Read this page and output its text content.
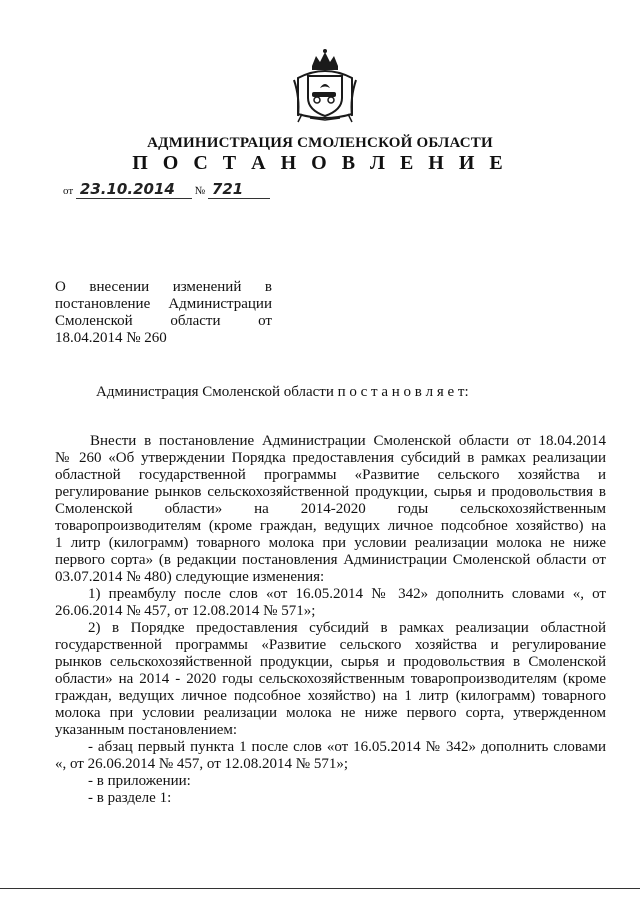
АДМИНИСТРАЦИЯ СМОЛЕНСКОЙ ОБЛАСТИ
П О С Т А Н О В Л Е Н И Е
от 23.10.2014 № 721
О внесении изменений в
постановление Администрации
Смоленской области от
18.04.2014 № 260
Администрация Смоленской области п о с т а н о в л я е т:
Внести в постановление Администрации Смоленской области от 18.04.2014
№ 260 «Об утверждении Порядка предоставления субсидий в рамках реализации
областной государственной программы «Развитие сельского хозяйства и
регулирование рынков сельскохозяйственной продукции, сырья и продовольствия в
Смоленской области» на 2014-2020 годы сельскохозяйственным
товаропроизводителям (кроме граждан, ведущих личное подсобное хозяйство) на
1 литр (килограмм) товарного молока при условии реализации молока не ниже
первого сорта» (в редакции постановления Администрации Смоленской области от
03.07.2014 № 480) следующие изменения:
1) преамбулу после слов «от 16.05.2014 № 342» дополнить словами «, от
26.06.2014 № 457, от 12.08.2014 № 571»;
2) в Порядке предоставления субсидий в рамках реализации областной
государственной программы «Развитие сельского хозяйства и регулирование
рынков сельскохозяйственной продукции, сырья и продовольствия в Смоленской
области» на 2014 - 2020 годы сельскохозяйственным товаропроизводителям (кроме
граждан, ведущих личное подсобное хозяйство) на 1 литр (килограмм) товарного
молока при условии реализации молока не ниже первого сорта, утвержденном
указанным постановлением:
- абзац первый пункта 1 после слов «от 16.05.2014 № 342» дополнить словами
«, от 26.06.2014 № 457, от 12.08.2014 № 571»;
- в приложении:
- в разделе 1:
